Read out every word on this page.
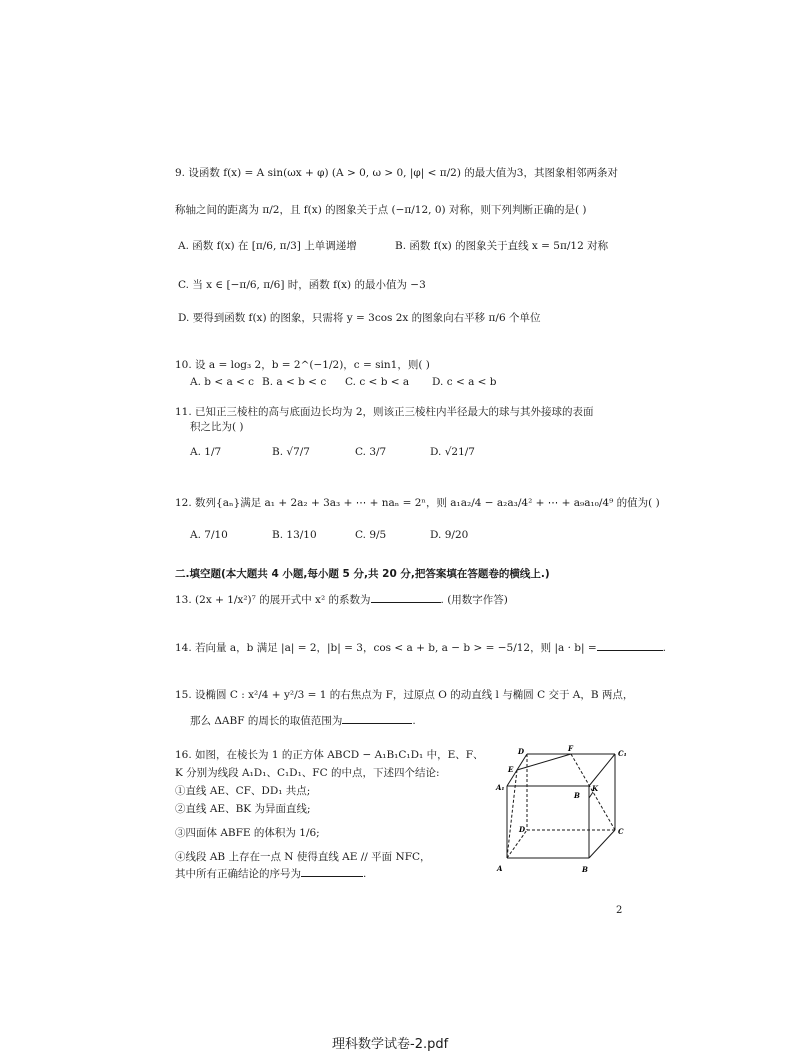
9. 设函数 f(x) = A sin(ωx + φ) (A > 0, ω > 0, |φ| < π/2) 的最大值为3，其图象相邻两条对
称轴之间的距离为 π/2，且 f(x) 的图象关于点 (−π/12, 0) 对称，则下列判断正确的是( )
A. 函数 f(x) 在 [π/6, π/3] 上单调递增	B. 函数 f(x) 的图象关于直线 x = 5π/12 对称
C. 当 x ∈ [−π/6, π/6] 时，函数 f(x) 的最小值为 −3
D. 要得到函数 f(x) 的图象，只需将 y = 3cos 2x 的图象向右平移 π/6 个单位
10. 设 a = log₃ 2，b = 2^(−1/2)，c = sin1，则( )
A. b < a < c B. a < b < c C. c < b < a D. c < a < b
11. 已知正三棱柱的高与底面边长均为 2，则该正三棱柱内半径最大的球与其外接球的表面
积之比为( )
A. 1/7	B. √7/7	C. 3/7	D. √21/7
12. 数列{aₙ}满足 a₁ + 2a₂ + 3a₃ + ⋯ + naₙ = 2ⁿ，则 a₁a₂/4 − a₂a₃/4² + ⋯ + a₉a₁₀/4⁹ 的值为( )
A. 7/10	B. 13/10	C. 9/5	D. 9/20
二.填空题(本大题共 4 小题,每小题 5 分,共 20 分,把答案填在答题卷的横线上.)
13. (2x + 1/x²)⁷ 的展开式中 x² 的系数为	. (用数字作答)
14. 若向量 a，b 满足 |a| = 2，|b| = 3，cos < a + b, a − b > = −5/12，则 |a · b| =	.
15. 设椭圆 C : x²/4 + y²/3 = 1 的右焦点为 F，过原点 O 的动直线 l 与椭圆 C 交于 A，B 两点，
那么 ΔABF 的周长的取值范围为	.
16. 如图，在棱长为 1 的正方体 ABCD − A₁B₁C₁D₁ 中，E、F、
K 分别为线段 A₁D₁、C₁D₁、FC 的中点，下述四个结论:
①直线 AE、CF、DD₁ 共点;
②直线 AE、BK 为异面直线;
③四面体 ABFE 的体积为 1/6;
④线段 AB 上存在一点 N 使得直线 AE // 平面 NFC，
其中所有正确结论的序号为	.
D	F
C₁
E
A₁
B
K
D	C
A	B
2
理科数学试卷-2.pdf
